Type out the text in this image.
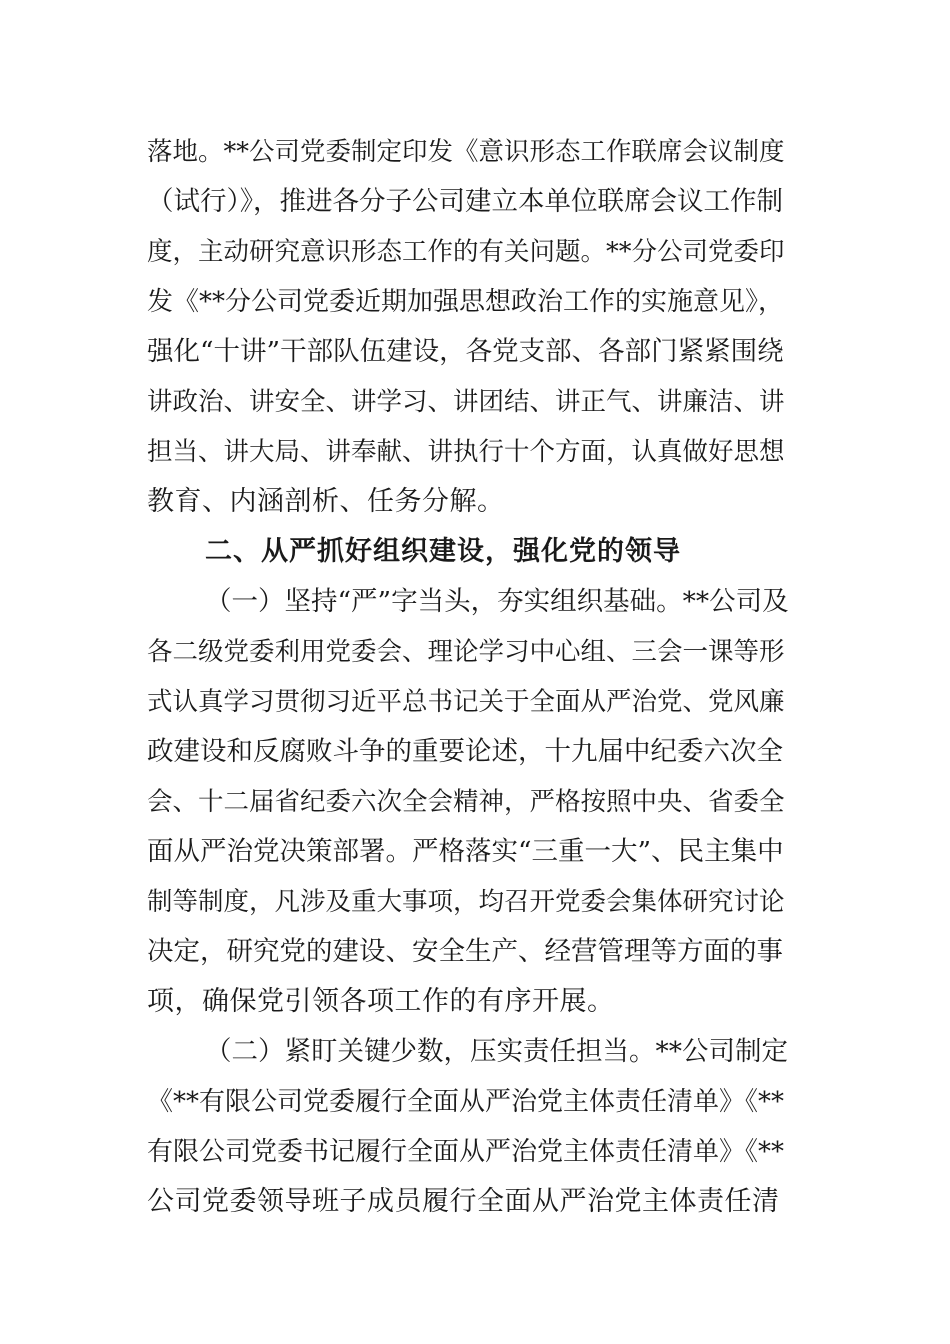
落地。**公司党委制定印发《意识形态工作联席会议制度
（试行）》，推进各分子公司建立本单位联席会议工作制
度，主动研究意识形态工作的有关问题。**分公司党委印
发《**分公司党委近期加强思想政治工作的实施意见》，
强化“十讲”干部队伍建设，各党支部、各部门紧紧围绕
讲政治、讲安全、讲学习、讲团结、讲正气、讲廉洁、讲
担当、讲大局、讲奉献、讲执行十个方面，认真做好思想
教育、内涵剖析、任务分解。
二、从严抓好组织建设，强化党的领导
（一）坚持“严”字当头，夯实组织基础。**公司及
各二级党委利用党委会、理论学习中心组、三会一课等形
式认真学习贯彻习近平总书记关于全面从严治党、党风廉
政建设和反腐败斗争的重要论述，十九届中纪委六次全
会、十二届省纪委六次全会精神，严格按照中央、省委全
面从严治党决策部署。严格落实“三重一大”、民主集中
制等制度，凡涉及重大事项，均召开党委会集体研究讨论
决定，研究党的建设、安全生产、经营管理等方面的事
项，确保党引领各项工作的有序开展。
（二）紧盯关键少数，压实责任担当。**公司制定
《**有限公司党委履行全面从严治党主体责任清单》《**
有限公司党委书记履行全面从严治党主体责任清单》《**
公司党委领导班子成员履行全面从严治党主体责任清
